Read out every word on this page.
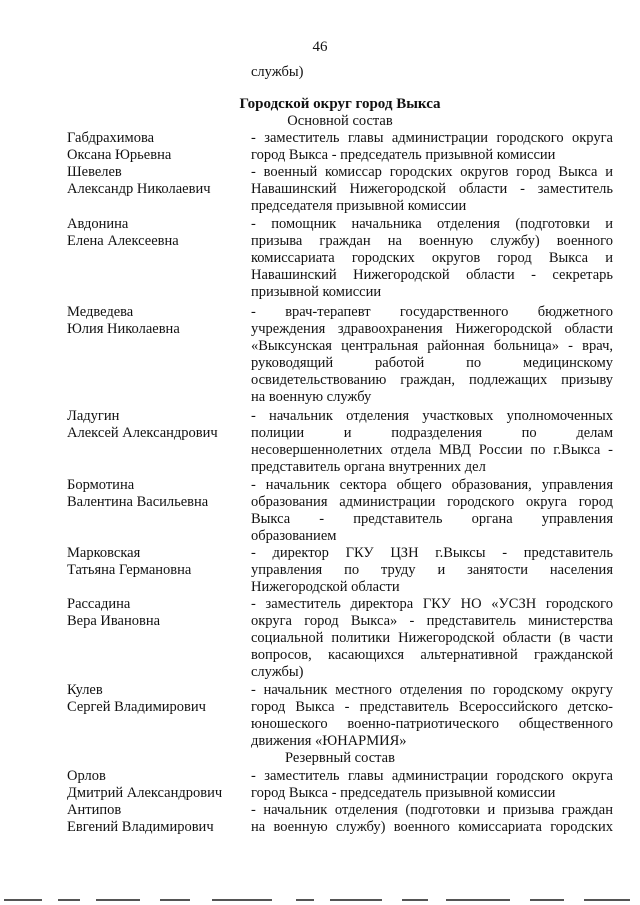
46
службы)
Городской округ город Выкса
Основной состав
Габдрахимова
Оксана Юрьевна
- заместитель главы администрации городского округа
город Выкса - председатель призывной комиссии
Шевелев
Александр Николаевич
- военный комиссар городских округов город Выкса и
Навашинский Нижегородской области - заместитель
председателя призывной комиссии
Авдонина
Елена Алексеевна
- помощник начальника отделения (подготовки и
призыва граждан на военную службу) военного
комиссариата городских округов город Выкса и
Навашинский Нижегородской области - секретарь
призывной комиссии
Медведева
Юлия Николаевна
- врач-терапевт государственного бюджетного
учреждения здравоохранения Нижегородской области
«Выксунская центральная районная больница» - врач,
руководящий работой по медицинскому
освидетельствованию граждан, подлежащих призыву
на военную службу
Ладугин
Алексей Александрович
- начальник отделения участковых уполномоченных
полиции и подразделения по делам
несовершеннолетних отдела МВД России по г.Выкса -
представитель органа внутренних дел
Бормотина
Валентина Васильевна
- начальник сектора общего образования, управления
образования администрации городского округа город
Выкса - представитель органа управления
образованием
Марковская
Татьяна Германовна
- директор ГКУ ЦЗН г.Выксы - представитель
управления по труду и занятости населения
Нижегородской области
Рассадина
Вера Ивановна
- заместитель директора ГКУ НО «УСЗН городского
округа город Выкса» - представитель министерства
социальной политики Нижегородской области (в части
вопросов, касающихся альтернативной гражданской
службы)
Кулев
Сергей Владимирович
- начальник местного отделения по городскому округу
город Выкса - представитель Всероссийского детско-
юношеского военно-патриотического общественного
движения «ЮНАРМИЯ»
Резервный состав
Орлов
Дмитрий Александрович
- заместитель главы администрации городского округа
город Выкса - председатель призывной комиссии
Антипов
Евгений Владимирович
- начальник отделения (подготовки и призыва граждан
на военную службу) военного комиссариата городских
